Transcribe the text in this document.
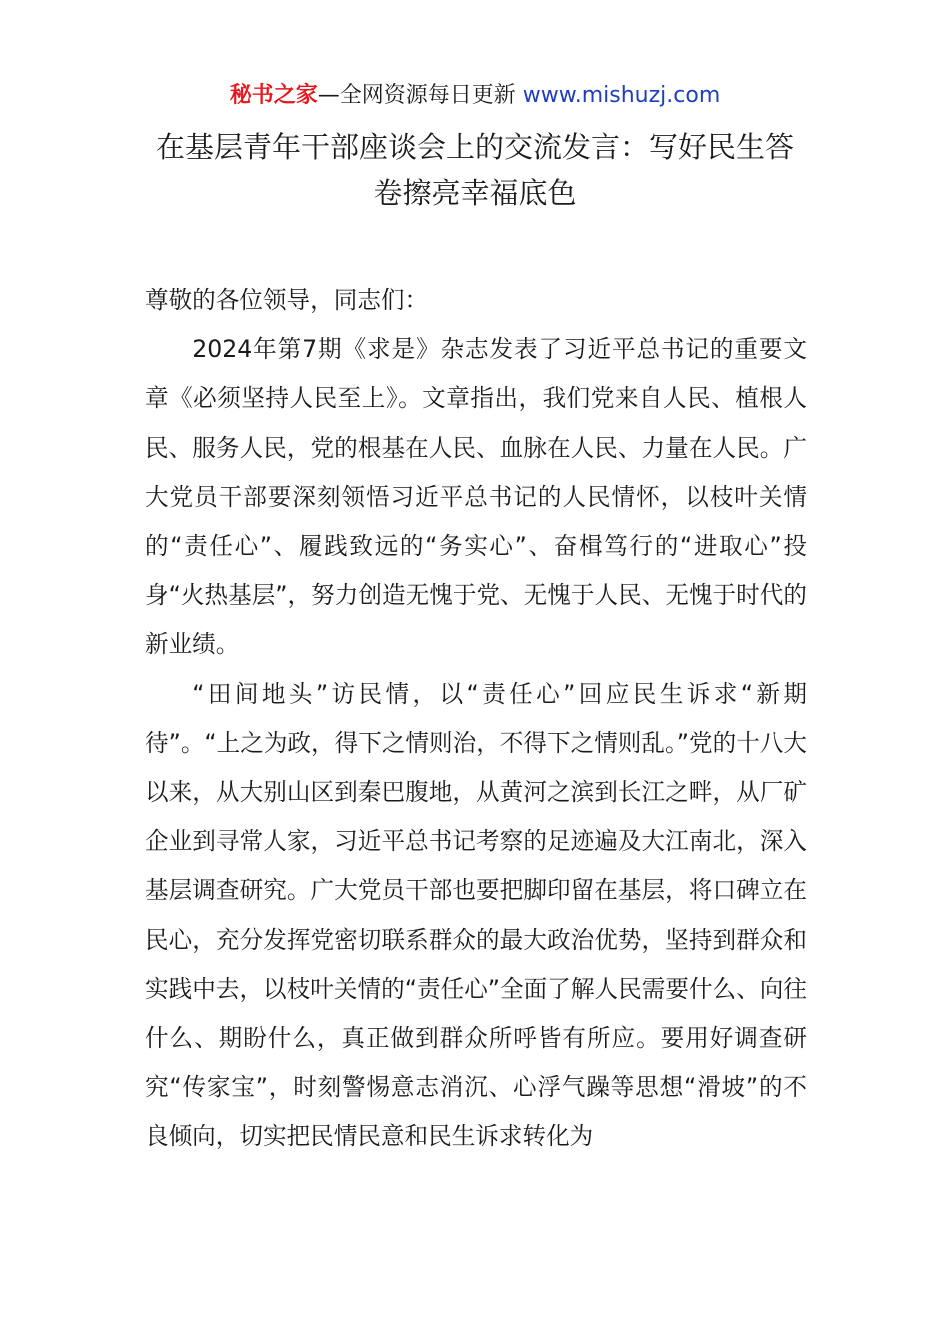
秘书之家—全网资源每日更新 www.mishuzj.com
在基层青年干部座谈会上的交流发言：写好民生答卷擦亮幸福底色

尊敬的各位领导，同志们：

2024年第7期《求是》杂志发表了习近平总书记的重要文章《必须坚持人民至上》。文章指出，我们党来自人民、植根人民、服务人民，党的根基在人民、血脉在人民、力量在人民。广大党员干部要深刻领悟习近平总书记的人民情怀，以枝叶关情的“责任心”、履践致远的“务实心”、奋楫笃行的“进取心”投身“火热基层”，努力创造无愧于党、无愧于人民、无愧于时代的新业绩。

“田间地头”访民情，以“责任心”回应民生诉求“新期待”。“上之为政，得下之情则治，不得下之情则乱。”党的十八大以来，从大别山区到秦巴腹地，从黄河之滨到长江之畔，从厂矿企业到寻常人家，习近平总书记考察的足迹遍及大江南北，深入基层调查研究。广大党员干部也要把脚印留在基层，将口碑立在民心，充分发挥党密切联系群众的最大政治优势，坚持到群众和实践中去，以枝叶关情的“责任心”全面了解人民需要什么、向往什么、期盼什么，真正做到群众所呼皆有所应。要用好调查研究“传家宝”，时刻警惕意志消沉、心浮气躁等思想“滑坡”的不良倾向，切实把民情民意和民生诉求转化为
